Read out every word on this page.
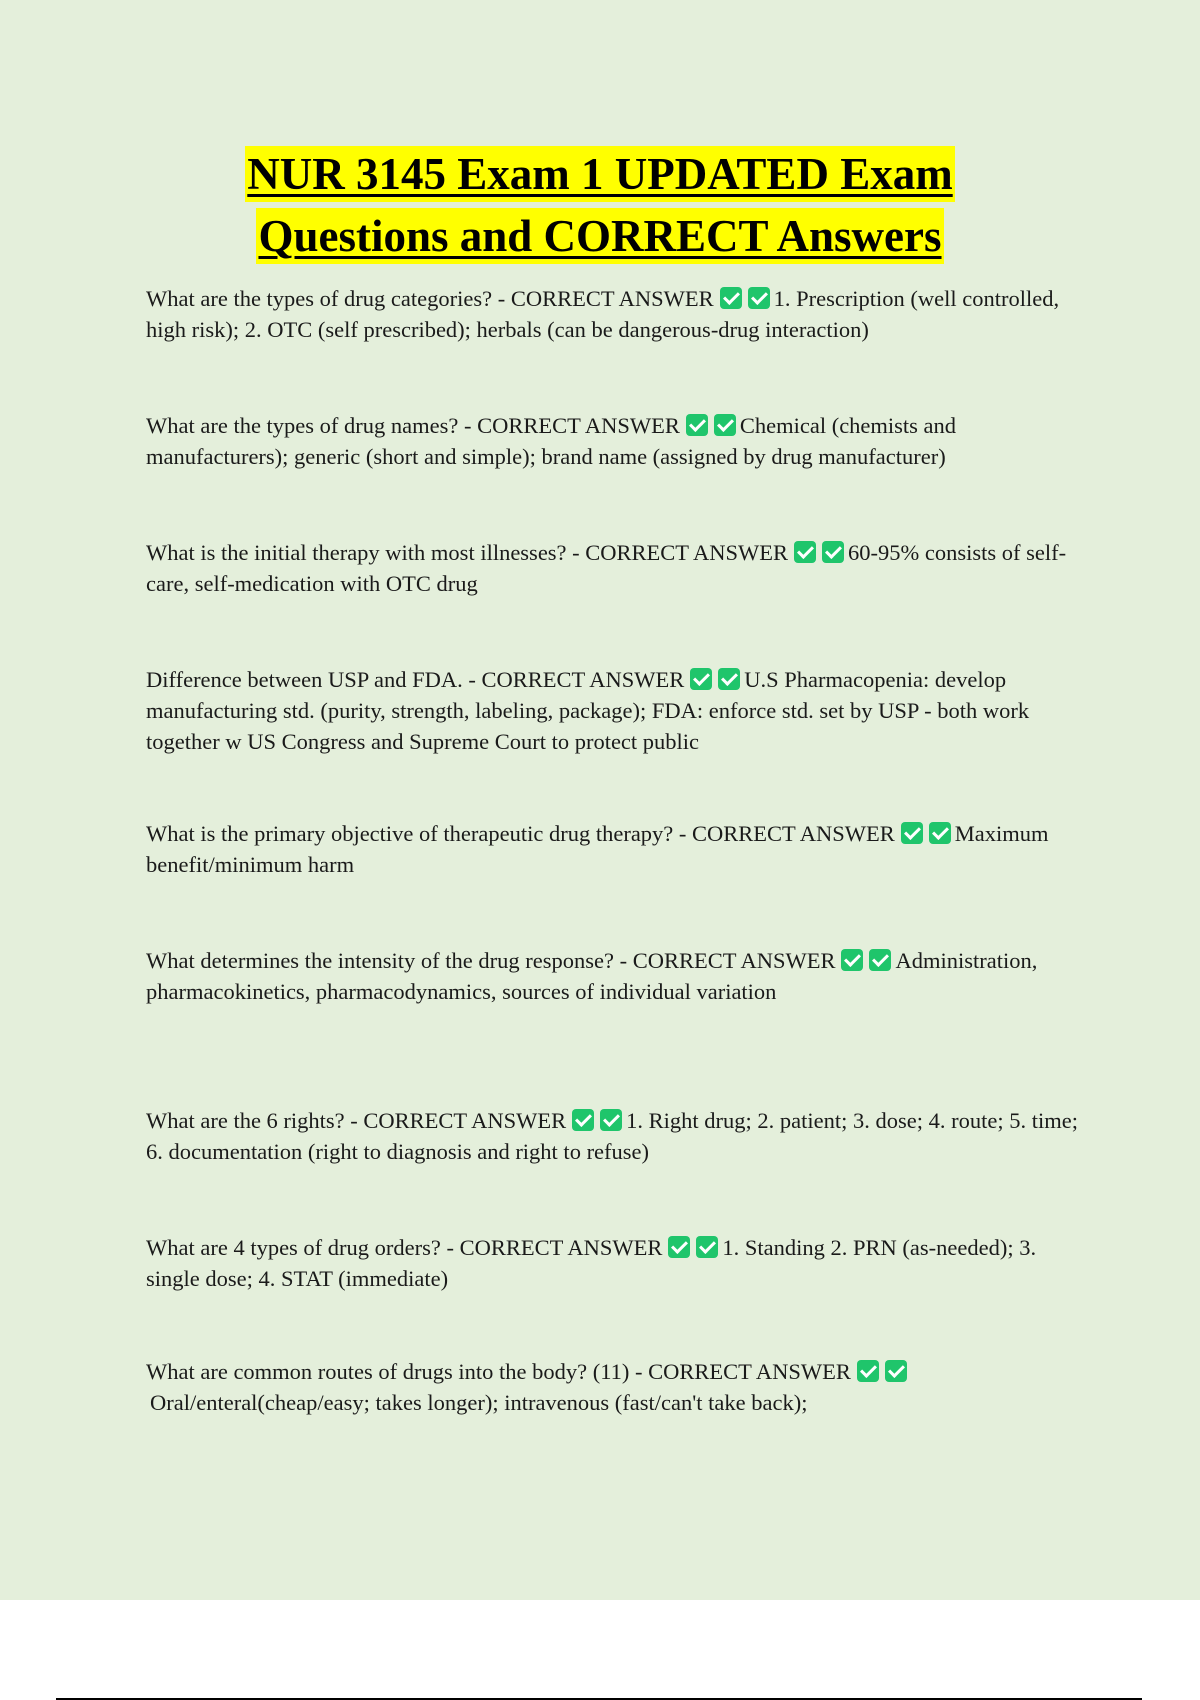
NUR 3145 Exam 1 UPDATED Exam
Questions and CORRECT Answers

What are the types of drug categories? - CORRECT ANSWER	1. Prescription (well controlled, high risk); 2. OTC (self prescribed); herbals (can be dangerous-drug interaction)

What are the types of drug names? - CORRECT ANSWER	Chemical (chemists and manufacturers); generic (short and simple); brand name (assigned by drug manufacturer)

What is the initial therapy with most illnesses? - CORRECT ANSWER	60-95% consists of self-care, self-medication with OTC drug

Difference between USP and FDA. - CORRECT ANSWER	U.S Pharmacopenia: develop manufacturing std. (purity, strength, labeling, package); FDA: enforce std. set by USP - both work together w US Congress and Supreme Court to protect public

What is the primary objective of therapeutic drug therapy? - CORRECT ANSWER	Maximum benefit/minimum harm

What determines the intensity of the drug response? - CORRECT ANSWER	Administration, pharmacokinetics, pharmacodynamics, sources of individual variation

What are the 6 rights? - CORRECT ANSWER	1. Right drug; 2. patient; 3. dose; 4. route; 5. time; 6. documentation (right to diagnosis and right to refuse)

What are 4 types of drug orders? - CORRECT ANSWER	1. Standing 2. PRN (as-needed); 3. single dose; 4. STAT (immediate)

What are common routes of drugs into the body? (11) - CORRECT ANSWEROral/enteral(cheap/easy; takes longer); intravenous (fast/can't take back);
